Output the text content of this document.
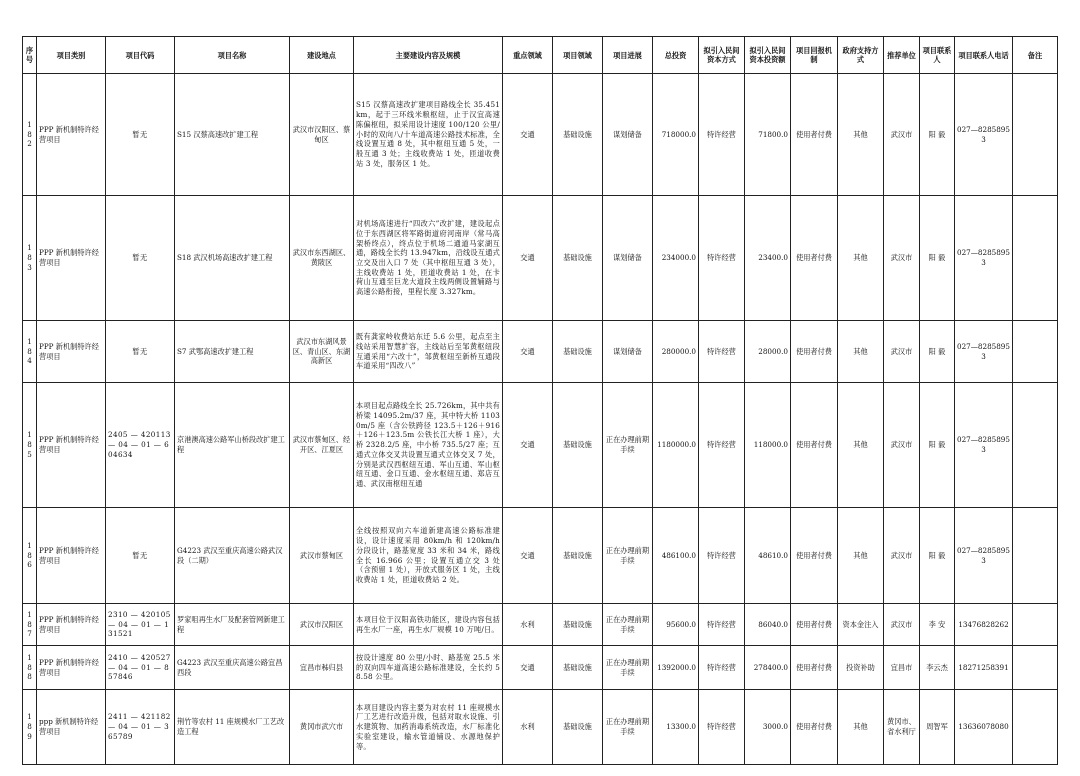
序号	项目类别	项目代码	项目名称	建设地点	主要建设内容及规模	重点领域	项目领域	项目进展	总投资	拟引入民间资本方式	拟引入民间资本投资额	项目回报机制	政府支持方式	推荐单位	项目联系人	项目联系人电话	备注
182	PPP 新机制特许经营项目	暂无	S15 汉蔡高速改扩建工程	武汉市汉阳区、蔡甸区	S15 汉蔡高速改扩建项目路线全长 35.451km，起于三环线米粮枢纽，止于汉宜高速陈偏枢纽，拟采用设计速度 100/120 公里/小时的双向八/十车道高速公路技术标准，全线设置互通 8 处，其中枢纽互通 5 处，一般互通 3 处；主线收费站 1 处，匝道收费站 3 处，服务区 1 处。	交通	基础设施	谋划储备	718000.0	特许经营	71800.0	使用者付费	其他	武汉市	阳 毅	027—82858953	
183	PPP 新机制特许经营项目	暂无	S18 武汉机场高速改扩建工程	武汉市东西湖区、黄陂区	对机场高速进行“四改六”改扩建，建设起点位于东西湖区将军路街道府河南岸（常马高架桥终点），终点位于机场二通道马家湖互通，路线全长约 13.947km，沿线设互通式立交及出入口 7 处（其中枢纽互通 3 处），主线收费站 1 处，匝道收费站 1 处，在卡荷山互通至巨龙大道段主线两侧设置辅路与高速公路衔接，里程长度 3.327km。	交通	基础设施	谋划储备	234000.0	特许经营	23400.0	使用者付费	其他	武汉市	阳 毅	027—82858953	
184	PPP 新机制特许经营项目	暂无	S7 武鄂高速改扩建工程	武汉市东湖风景区、青山区、东湖高新区	既有龚家岭收费站东迁 5.6 公里，起点至主线站采用智慧扩容，主线站后至邹黄枢纽段互通采用“六改十”，邹黄枢纽至新桥互通段车道采用“四改八”	交通	基础设施	谋划储备	280000.0	特许经营	28000.0	使用者付费	其他	武汉市	阳 毅	027—82858953	
185	PPP 新机制特许经营项目	2405 — 420113 — 04 — 01 — 604634	京港澳高速公路军山桥段改扩建工程	武汉市蔡甸区、经开区、江夏区	本项目起点路线全长 25.726km，其中共有桥梁 14095.2m/37 座，其中特大桥 11030m/5 座（含公铁跨径 123.5＋126＋916＋126＋123.5m 公铁长江大桥 1 座），大桥 2328.2/5 座，中小桥 735.5/27 座；互通式立体交叉共设置互通式立体交叉 7 处，分别是武汉西枢纽互通、军山互通、军山枢纽互通、金口互通、金水枢纽互通、郑店互通、武汉南枢纽互通	交通	基础设施	正在办理前期手续	1180000.0	特许经营	118000.0	使用者付费	其他	武汉市	阳 毅	027—82858953	
186	PPP 新机制特许经营项目	暂无	G4223 武汉至重庆高速公路武汉段（二期）	武汉市蔡甸区	全线按照双向六车道新建高速公路标准建设，设计速度采用 80km/h 和 120km/h 分段设计，路基宽度 33 米和 34 米，路线全长 16.966 公里；设置互通立交 3 处（含预留 1 处），开放式服务区 1 处，主线收费站 1 处，匝道收费站 2 处。	交通	基础设施	正在办理前期手续	486100.0	特许经营	48610.0	使用者付费	其他	武汉市	阳 毅	027—82858953	
187	PPP 新机制特许经营项目	2310 — 420105 — 04 — 01 — 131521	罗家咀再生水厂及配套管网新建工程	武汉市汉阳区	本项目位于汉阳高铁功能区，建设内容包括再生水厂一座，再生水厂规模 10 万吨/日。	水利	基础设施	正在办理前期手续	95600.0	特许经营	86040.0	使用者付费	资本金注入	武汉市	李 安	13476828262	
188	PPP 新机制特许经营项目	2410 — 420527 — 04 — 01 — 857846	G4223 武汉至重庆高速公路宜昌西段	宜昌市秭归县	按设计速度 80 公里/小时、路基宽 25.5 米的双向四车道高速公路标准建设，全长约 58.58 公里。	交通	基础设施	正在办理前期手续	1392000.0	特许经营	278400.0	使用者付费	投资补助	宜昌市	李云杰	18271258391	
189	ppp 新机制特许经营项目	2411 — 421182 — 04 — 01 — 365789	荆竹等农村 11 座规模水厂工艺改造工程	黄冈市武穴市	本项目建设内容主要为对农村 11 座规模水厂工艺进行改造升级，包括对取水设施、引水建筑物、加药消毒系统改造，水厂标准化实验室建设，输水管道铺设、水源地保护等。	水利	基础设施	正在办理前期手续	13300.0	特许经营	3000.0	使用者付费	其他	黄冈市、省水利厅	周智军	13636078080	
